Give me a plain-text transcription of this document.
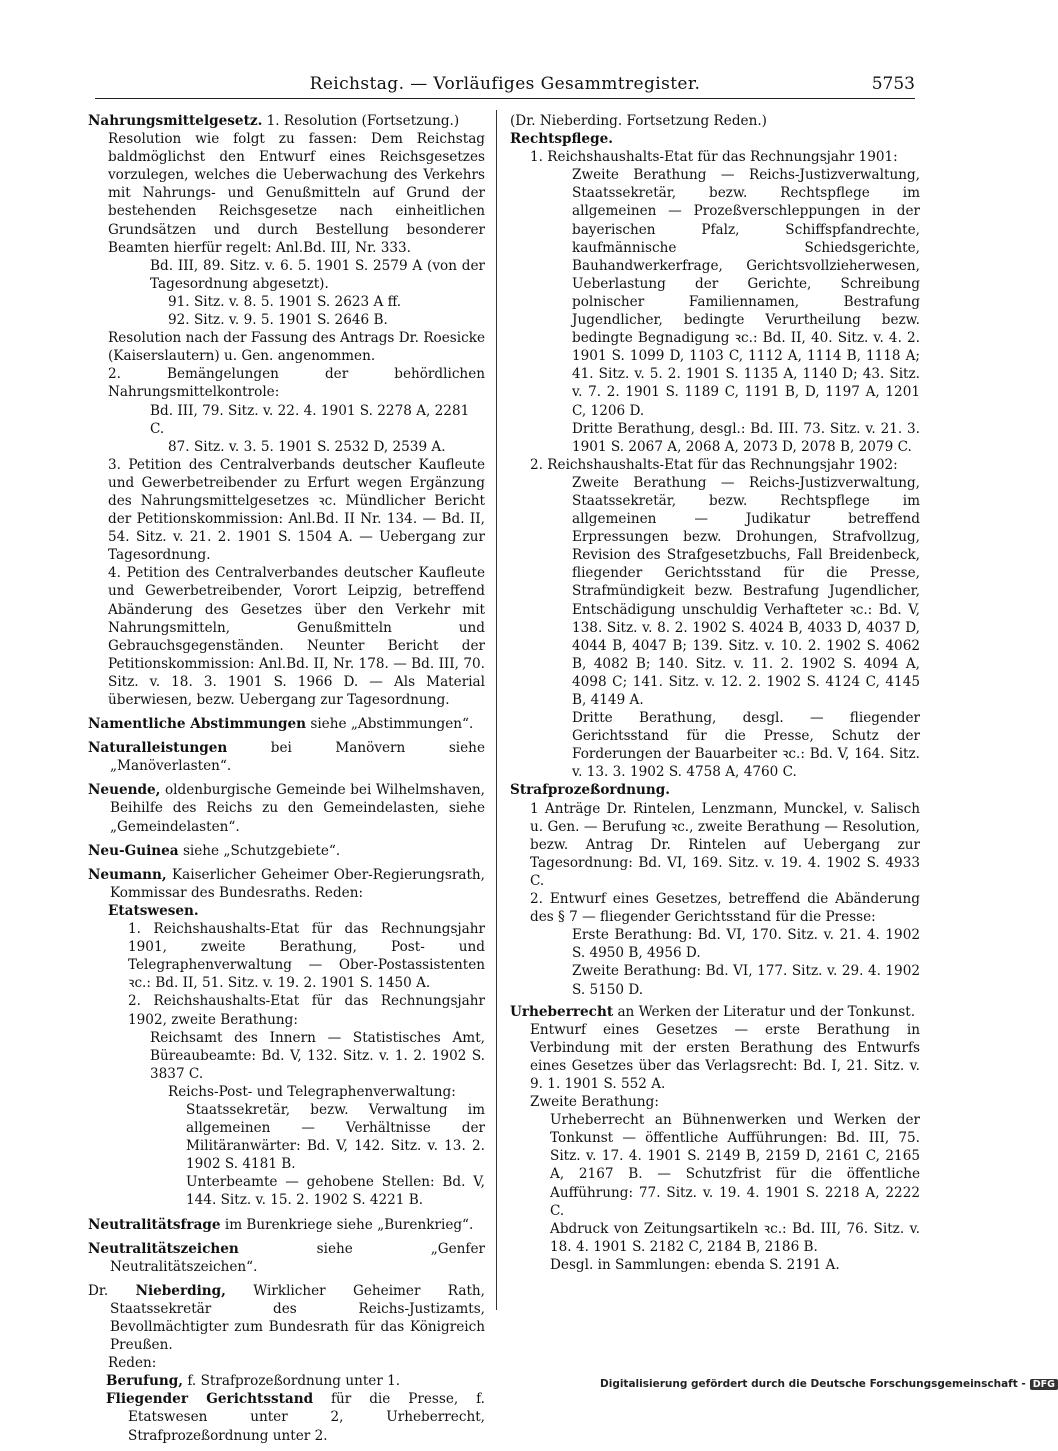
Reichstag. — Vorläufiges Gesammtregister.	5753
Nahrungsmittelgesetz. 1. Resolution (Fortsetzung.)
Resolution wie folgt zu fassen: Dem Reichstag baldmöglichst den Entwurf eines Reichsgesetzes vorzulegen, welches die Ueberwachung des Verkehrs mit Nahrungs- und Genußmitteln auf Grund der bestehenden Reichsgesetze nach einheitlichen Grundsätzen und durch Bestellung besonderer Beamten hierfür regelt: Anl.Bd. III, Nr. 333.
Bd. III, 89. Sitz. v. 6. 5. 1901 S. 2579 A (von der Tagesordnung abgesetzt).
91. Sitz. v. 8. 5. 1901 S. 2623 A ff.
92. Sitz. v. 9. 5. 1901 S. 2646 B.
Resolution nach der Fassung des Antrags Dr. Roesicke (Kaiserslautern) u. Gen. angenommen.
2. Bemängelungen der behördlichen Nahrungsmittelkontrole:
Bd. III, 79. Sitz. v. 22. 4. 1901 S. 2278 A, 2281 C.
87. Sitz. v. 3. 5. 1901 S. 2532 D, 2539 A.
3. Petition des Centralverbands deutscher Kaufleute und Gewerbetreibender zu Erfurt wegen Ergänzung des Nahrungsmittelgesetzes ꝛc. Mündlicher Bericht der Petitionskommission: Anl.Bd. II Nr. 134. — Bd. II, 54. Sitz. v. 21. 2. 1901 S. 1504 A. — Uebergang zur Tagesordnung.
4. Petition des Centralverbandes deutscher Kaufleute und Gewerbetreibender, Vorort Leipzig, betreffend Abänderung des Gesetzes über den Verkehr mit Nahrungsmitteln, Genußmitteln und Gebrauchsgegenständen. Neunter Bericht der Petitionskommission: Anl.Bd. II, Nr. 178. — Bd. III, 70. Sitz. v. 18. 3. 1901 S. 1966 D. — Als Material überwiesen, bezw. Uebergang zur Tagesordnung.
Namentliche Abstimmungen siehe „Abstimmungen“.
Naturalleistungen	bei Manövern siehe „Manöverlasten“.
Neuende, oldenburgische Gemeinde bei Wilhelmshaven, Beihilfe des Reichs zu den Gemeindelasten, siehe „Gemeindelasten“.
Neu-Guinea siehe „Schutzgebiete“.
Neumann, Kaiserlicher Geheimer Ober-Regierungsrath, Kommissar des Bundesraths. Reden:
Etatswesen.
1. Reichshaushalts-Etat für das Rechnungsjahr 1901, zweite Berathung, Post- und Telegraphenverwaltung — Ober-Postassistenten ꝛc.: Bd. II, 51. Sitz. v. 19. 2. 1901 S. 1450 A.
2. Reichshaushalts-Etat für das Rechnungsjahr 1902, zweite Berathung:
Reichsamt des Innern — Statistisches Amt, Büreaubeamte: Bd. V, 132. Sitz. v. 1. 2. 1902 S. 3837 C.
Reichs-Post- und Telegraphenverwaltung:
Staatssekretär, bezw. Verwaltung im allgemeinen — Verhältnisse der Militäranwärter: Bd. V, 142. Sitz. v. 13. 2. 1902 S. 4181 B.
Unterbeamte — gehobene Stellen: Bd. V, 144. Sitz. v. 15. 2. 1902 S. 4221 B.
Neutralitätsfrage im Burenkriege siehe „Burenkrieg“.
Neutralitätszeichen	siehe „Genfer Neutralitätszeichen“.
Dr. Nieberding, Wirklicher Geheimer Rath, Staatssekretär des Reichs-Justizamts, Bevollmächtigter zum Bundesrath für das Königreich Preußen.
Reden:
Berufung, f. Strafprozeßordnung unter 1.
Fliegender Gerichtsstand für die Presse, f. Etatswesen unter 2, Urheberrecht, Strafprozeßordnung unter 2.
(Dr. Nieberding. Fortsetzung Reden.)
Rechtspflege.
1. Reichshaushalts-Etat für das Rechnungsjahr 1901:
Zweite Berathung — Reichs-Justizverwaltung, Staatssekretär, bezw. Rechtspflege im allgemeinen — Prozeßverschleppungen in der bayerischen Pfalz, Schiffspfandrechte, kaufmännische Schiedsgerichte, Bauhandwerkerfrage, Gerichtsvollzieherwesen, Ueberlastung der Gerichte, Schreibung polnischer Familiennamen, Bestrafung Jugendlicher, bedingte Verurtheilung bezw. bedingte Begnadigung ꝛc.: Bd. II, 40. Sitz. v. 4. 2. 1901 S. 1099 D, 1103 C, 1112 A, 1114 B, 1118 A; 41. Sitz. v. 5. 2. 1901 S. 1135 A, 1140 D; 43. Sitz. v. 7. 2. 1901 S. 1189 C, 1191 B, D, 1197 A, 1201 C, 1206 D.
Dritte Berathung, desgl.: Bd. III. 73. Sitz. v. 21. 3. 1901 S. 2067 A, 2068 A, 2073 D, 2078 B, 2079 C.
2. Reichshaushalts-Etat für das Rechnungsjahr 1902:
Zweite Berathung — Reichs-Justizverwaltung, Staatssekretär, bezw. Rechtspflege im allgemeinen — Judikatur betreffend Erpressungen bezw. Drohungen, Strafvollzug, Revision des Strafgesetzbuchs, Fall Breidenbeck, fliegender Gerichtsstand für die Presse, Strafmündigkeit bezw. Bestrafung Jugendlicher, Entschädigung unschuldig Verhafteter ꝛc.: Bd. V, 138. Sitz. v. 8. 2. 1902 S. 4024 B, 4033 D, 4037 D, 4044 B, 4047 B; 139. Sitz. v. 10. 2. 1902 S. 4062 B, 4082 B; 140. Sitz. v. 11. 2. 1902 S. 4094 A, 4098 C; 141. Sitz. v. 12. 2. 1902 S. 4124 C, 4145 B, 4149 A.
Dritte Berathung, desgl. — fliegender Gerichtsstand für die Presse, Schutz der Forderungen der Bauarbeiter ꝛc.: Bd. V, 164. Sitz. v. 13. 3. 1902 S. 4758 A, 4760 C.
Strafprozeßordnung.
1 Anträge Dr. Rintelen, Lenzmann, Munckel, v. Salisch u. Gen. — Berufung ꝛc., zweite Berathung — Resolution, bezw. Antrag Dr. Rintelen auf Uebergang zur Tagesordnung: Bd. VI, 169. Sitz. v. 19. 4. 1902 S. 4933 C.
2. Entwurf eines Gesetzes, betreffend die Abänderung des § 7 — fliegender Gerichtsstand für die Presse:
Erste Berathung: Bd. VI, 170. Sitz. v. 21. 4. 1902 S. 4950 B, 4956 D.
Zweite Berathung: Bd. VI, 177. Sitz. v. 29. 4. 1902 S. 5150 D.
Urheberrecht an Werken der Literatur und der Tonkunst.
Entwurf eines Gesetzes — erste Berathung in Verbindung mit der ersten Berathung des Entwurfs eines Gesetzes über das Verlagsrecht: Bd. I, 21. Sitz. v. 9. 1. 1901 S. 552 A.
Zweite Berathung:
Urheberrecht an Bühnenwerken und Werken der Tonkunst — öffentliche Aufführungen: Bd. III, 75. Sitz. v. 17. 4. 1901 S. 2149 B, 2159 D, 2161 C, 2165 A, 2167 B. — Schutzfrist für die öffentliche Aufführung: 77. Sitz. v. 19. 4. 1901 S. 2218 A, 2222 C.
Abdruck von Zeitungsartikeln ꝛc.: Bd. III, 76. Sitz. v. 18. 4. 1901 S. 2182 C, 2184 B, 2186 B.
Desgl. in Sammlungen: ebenda S. 2191 A.
Digitalisierung gefördert durch die Deutsche Forschungsgemeinschaft - DFG
